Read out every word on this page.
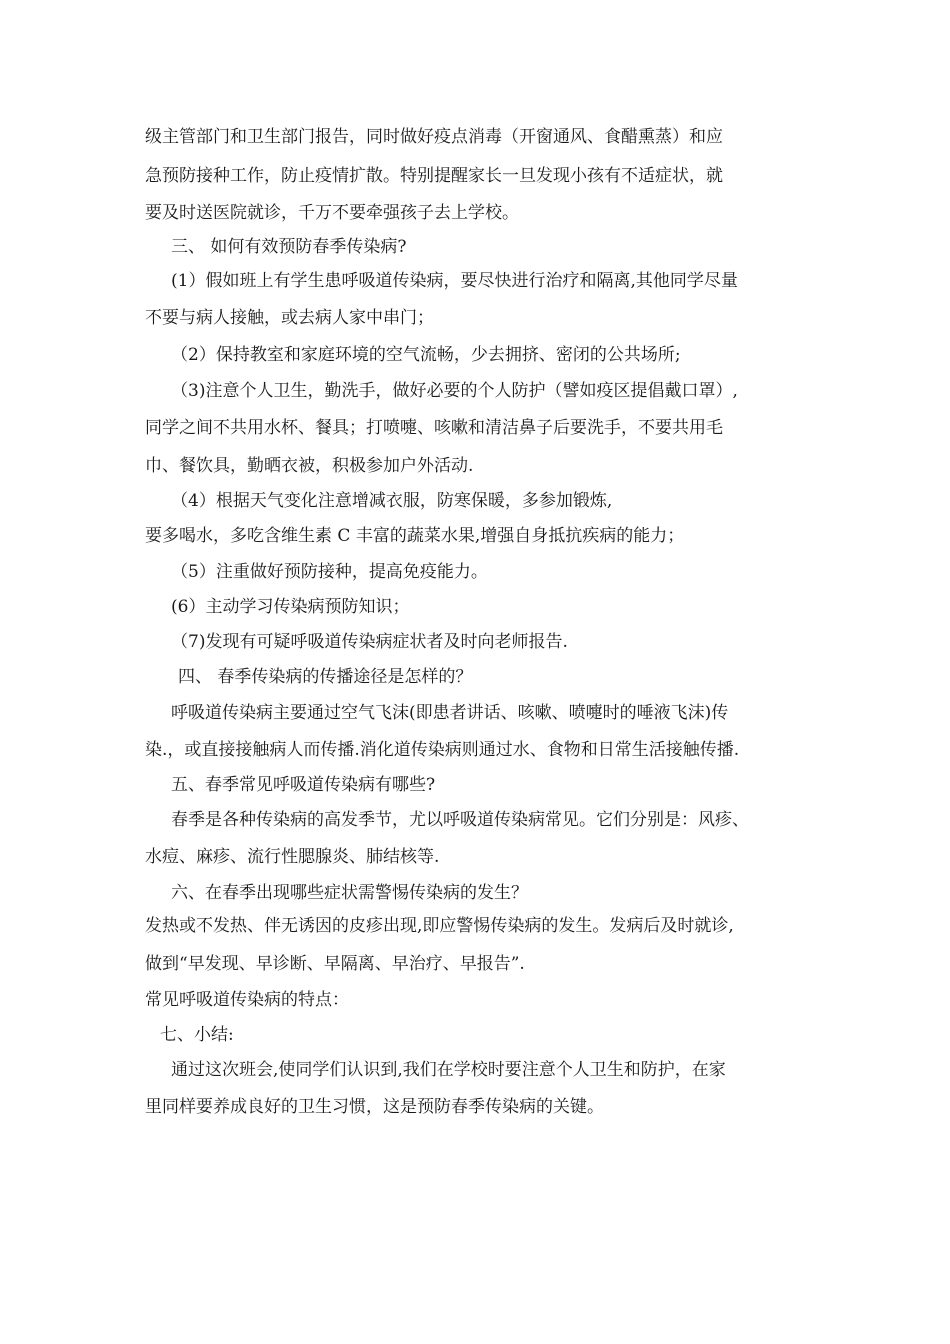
级主管部门和卫生部门报告，同时做好疫点消毒（开窗通风、食醋熏蒸）和应
急预防接种工作，防止疫情扩散。特别提醒家长一旦发现小孩有不适症状，就
要及时送医院就诊，千万不要牵强孩子去上学校。
三、 如何有效预防春季传染病?
(1）假如班上有学生患呼吸道传染病，要尽快进行治疗和隔离,其他同学尽量
不要与病人接触，或去病人家中串门；
（2）保持教室和家庭环境的空气流畅，少去拥挤、密闭的公共场所;
（3)注意个人卫生，勤洗手，做好必要的个人防护（譬如疫区提倡戴口罩）,
同学之间不共用水杯、餐具；打喷嚏、咳嗽和清洁鼻子后要洗手，不要共用毛
巾、餐饮具，勤晒衣被，积极参加户外活动.
（4）根据天气变化注意增减衣服，防寒保暖，多参加锻炼,
要多喝水，多吃含维生素 C 丰富的蔬菜水果,增强自身抵抗疾病的能力；
（5）注重做好预防接种，提高免疫能力。
(6）主动学习传染病预防知识；
（7)发现有可疑呼吸道传染病症状者及时向老师报告.
四、 春季传染病的传播途径是怎样的？
呼吸道传染病主要通过空气飞沫(即患者讲话、咳嗽、喷嚏时的唾液飞沫)传
染.，或直接接触病人而传播.消化道传染病则通过水、食物和日常生活接触传播.
五、春季常见呼吸道传染病有哪些?
春季是各种传染病的高发季节，尤以呼吸道传染病常见。它们分别是：风疹、
水痘、麻疹、流行性腮腺炎、肺结核等.
六、在春季出现哪些症状需警惕传染病的发生？
发热或不发热、伴无诱因的皮疹出现,即应警惕传染病的发生。发病后及时就诊,
做到“早发现、早诊断、早隔离、早治疗、早报告”.
常见呼吸道传染病的特点：
七、小结:
通过这次班会,使同学们认识到,我们在学校时要注意个人卫生和防护，在家
里同样要养成良好的卫生习惯，这是预防春季传染病的关键。
